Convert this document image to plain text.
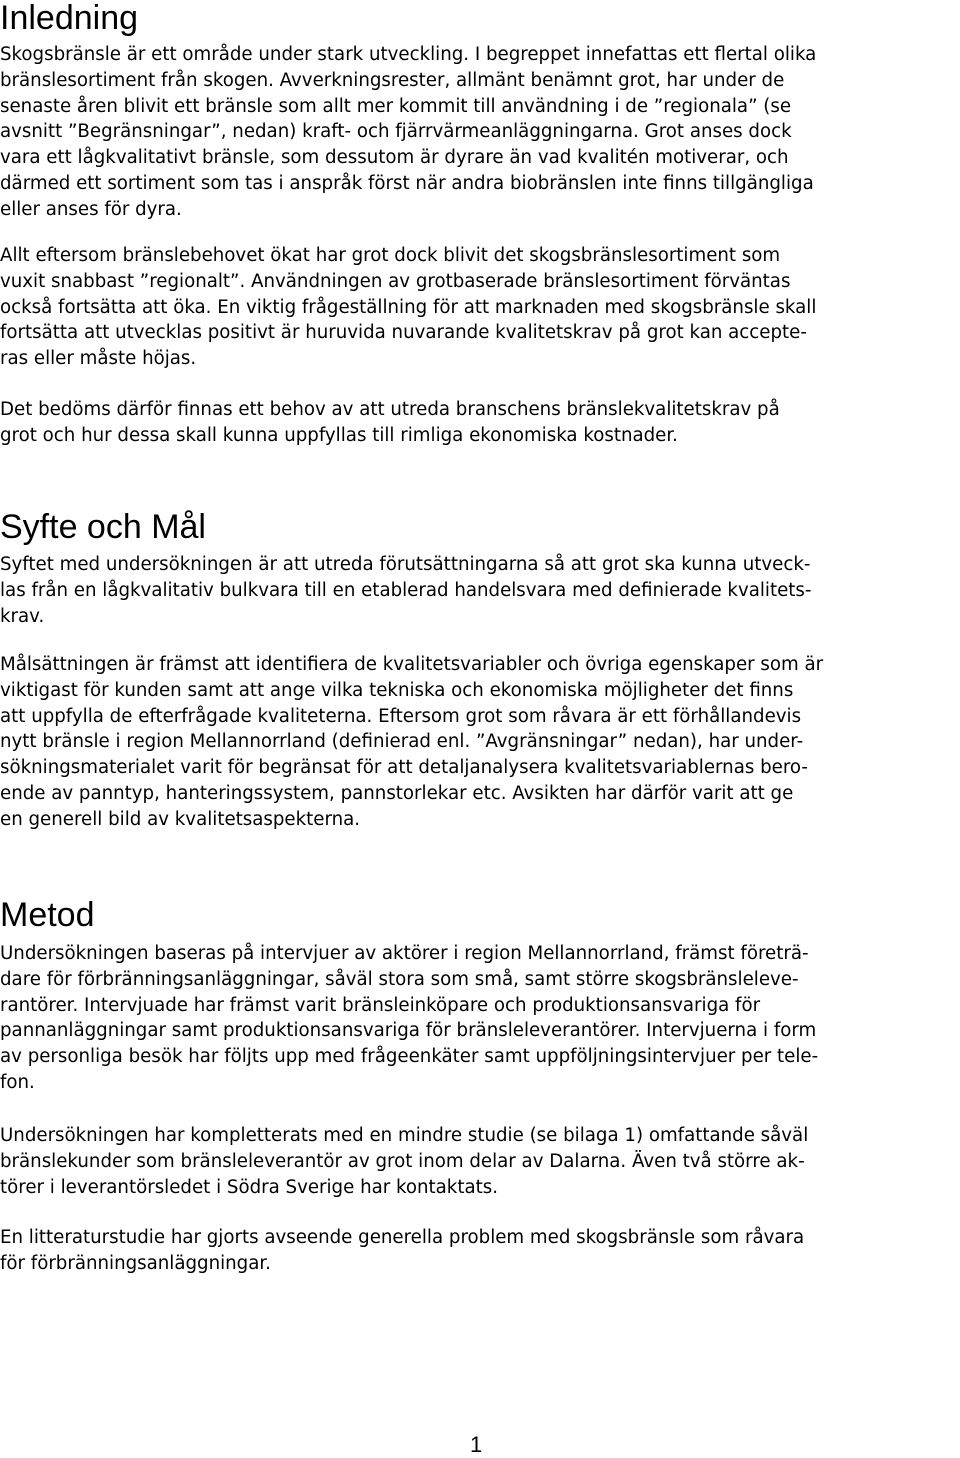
Inledning
Skogsbränsle är ett område under stark utveckling. I begreppet innefattas ett flertal olika
bränslesortiment från skogen. Avverkningsrester, allmänt benämnt grot, har under de
senaste åren blivit ett bränsle som allt mer kommit till användning i de ”regionala” (se
avsnitt ”Begränsningar”, nedan) kraft- och fjärrvärmeanläggningarna. Grot anses dock
vara ett lågkvalitativt bränsle, som dessutom är dyrare än vad kvalitén motiverar, och
därmed ett sortiment som tas i anspråk först när andra biobränslen inte finns tillgängliga
eller anses för dyra.
Allt eftersom bränslebehovet ökat har grot dock blivit det skogsbränslesortiment som
vuxit snabbast ”regionalt”. Användningen av grotbaserade bränslesortiment förväntas
också fortsätta att öka. En viktig frågeställning för att marknaden med skogsbränsle skall
fortsätta att utvecklas positivt är huruvida nuvarande kvalitetskrav på grot kan accepte-
ras eller måste höjas.
Det bedöms därför finnas ett behov av att utreda branschens bränslekvalitetskrav på
grot och hur dessa skall kunna uppfyllas till rimliga ekonomiska kostnader.
Syfte och Mål
Syftet med undersökningen är att utreda förutsättningarna så att grot ska kunna utveck-
las från en lågkvalitativ bulkvara till en etablerad handelsvara med definierade kvalitets-
krav.
Målsättningen är främst att identifiera de kvalitetsvariabler och övriga egenskaper som är
viktigast för kunden samt att ange vilka tekniska och ekonomiska möjligheter det finns
att uppfylla de efterfrågade kvaliteterna. Eftersom grot som råvara är ett förhållandevis
nytt bränsle i region Mellannorrland (definierad enl. ”Avgränsningar” nedan), har under-
sökningsmaterialet varit för begränsat för att detaljanalysera kvalitetsvariablernas bero-
ende av panntyp, hanteringssystem, pannstorlekar etc. Avsikten har därför varit att ge
en generell bild av kvalitetsaspekterna.
Metod
Undersökningen baseras på intervjuer av aktörer i region Mellannorrland, främst företrä-
dare för förbränningsanläggningar, såväl stora som små, samt större skogsbränsleleve-
rantörer. Intervjuade har främst varit bränsleinköpare och produktionsansvariga för
pannanläggningar samt produktionsansvariga för bränsleleverantörer. Intervjuerna i form
av personliga besök har följts upp med frågeenkäter samt uppföljningsintervjuer per tele-
fon.
Undersökningen har kompletterats med en mindre studie (se bilaga 1) omfattande såväl
bränslekunder som bränsleleverantör av grot inom delar av Dalarna. Även två större ak-
törer i leverantörsledet i Södra Sverige har kontaktats.
En litteraturstudie har gjorts avseende generella problem med skogsbränsle som råvara
för förbränningsanläggningar.
1
